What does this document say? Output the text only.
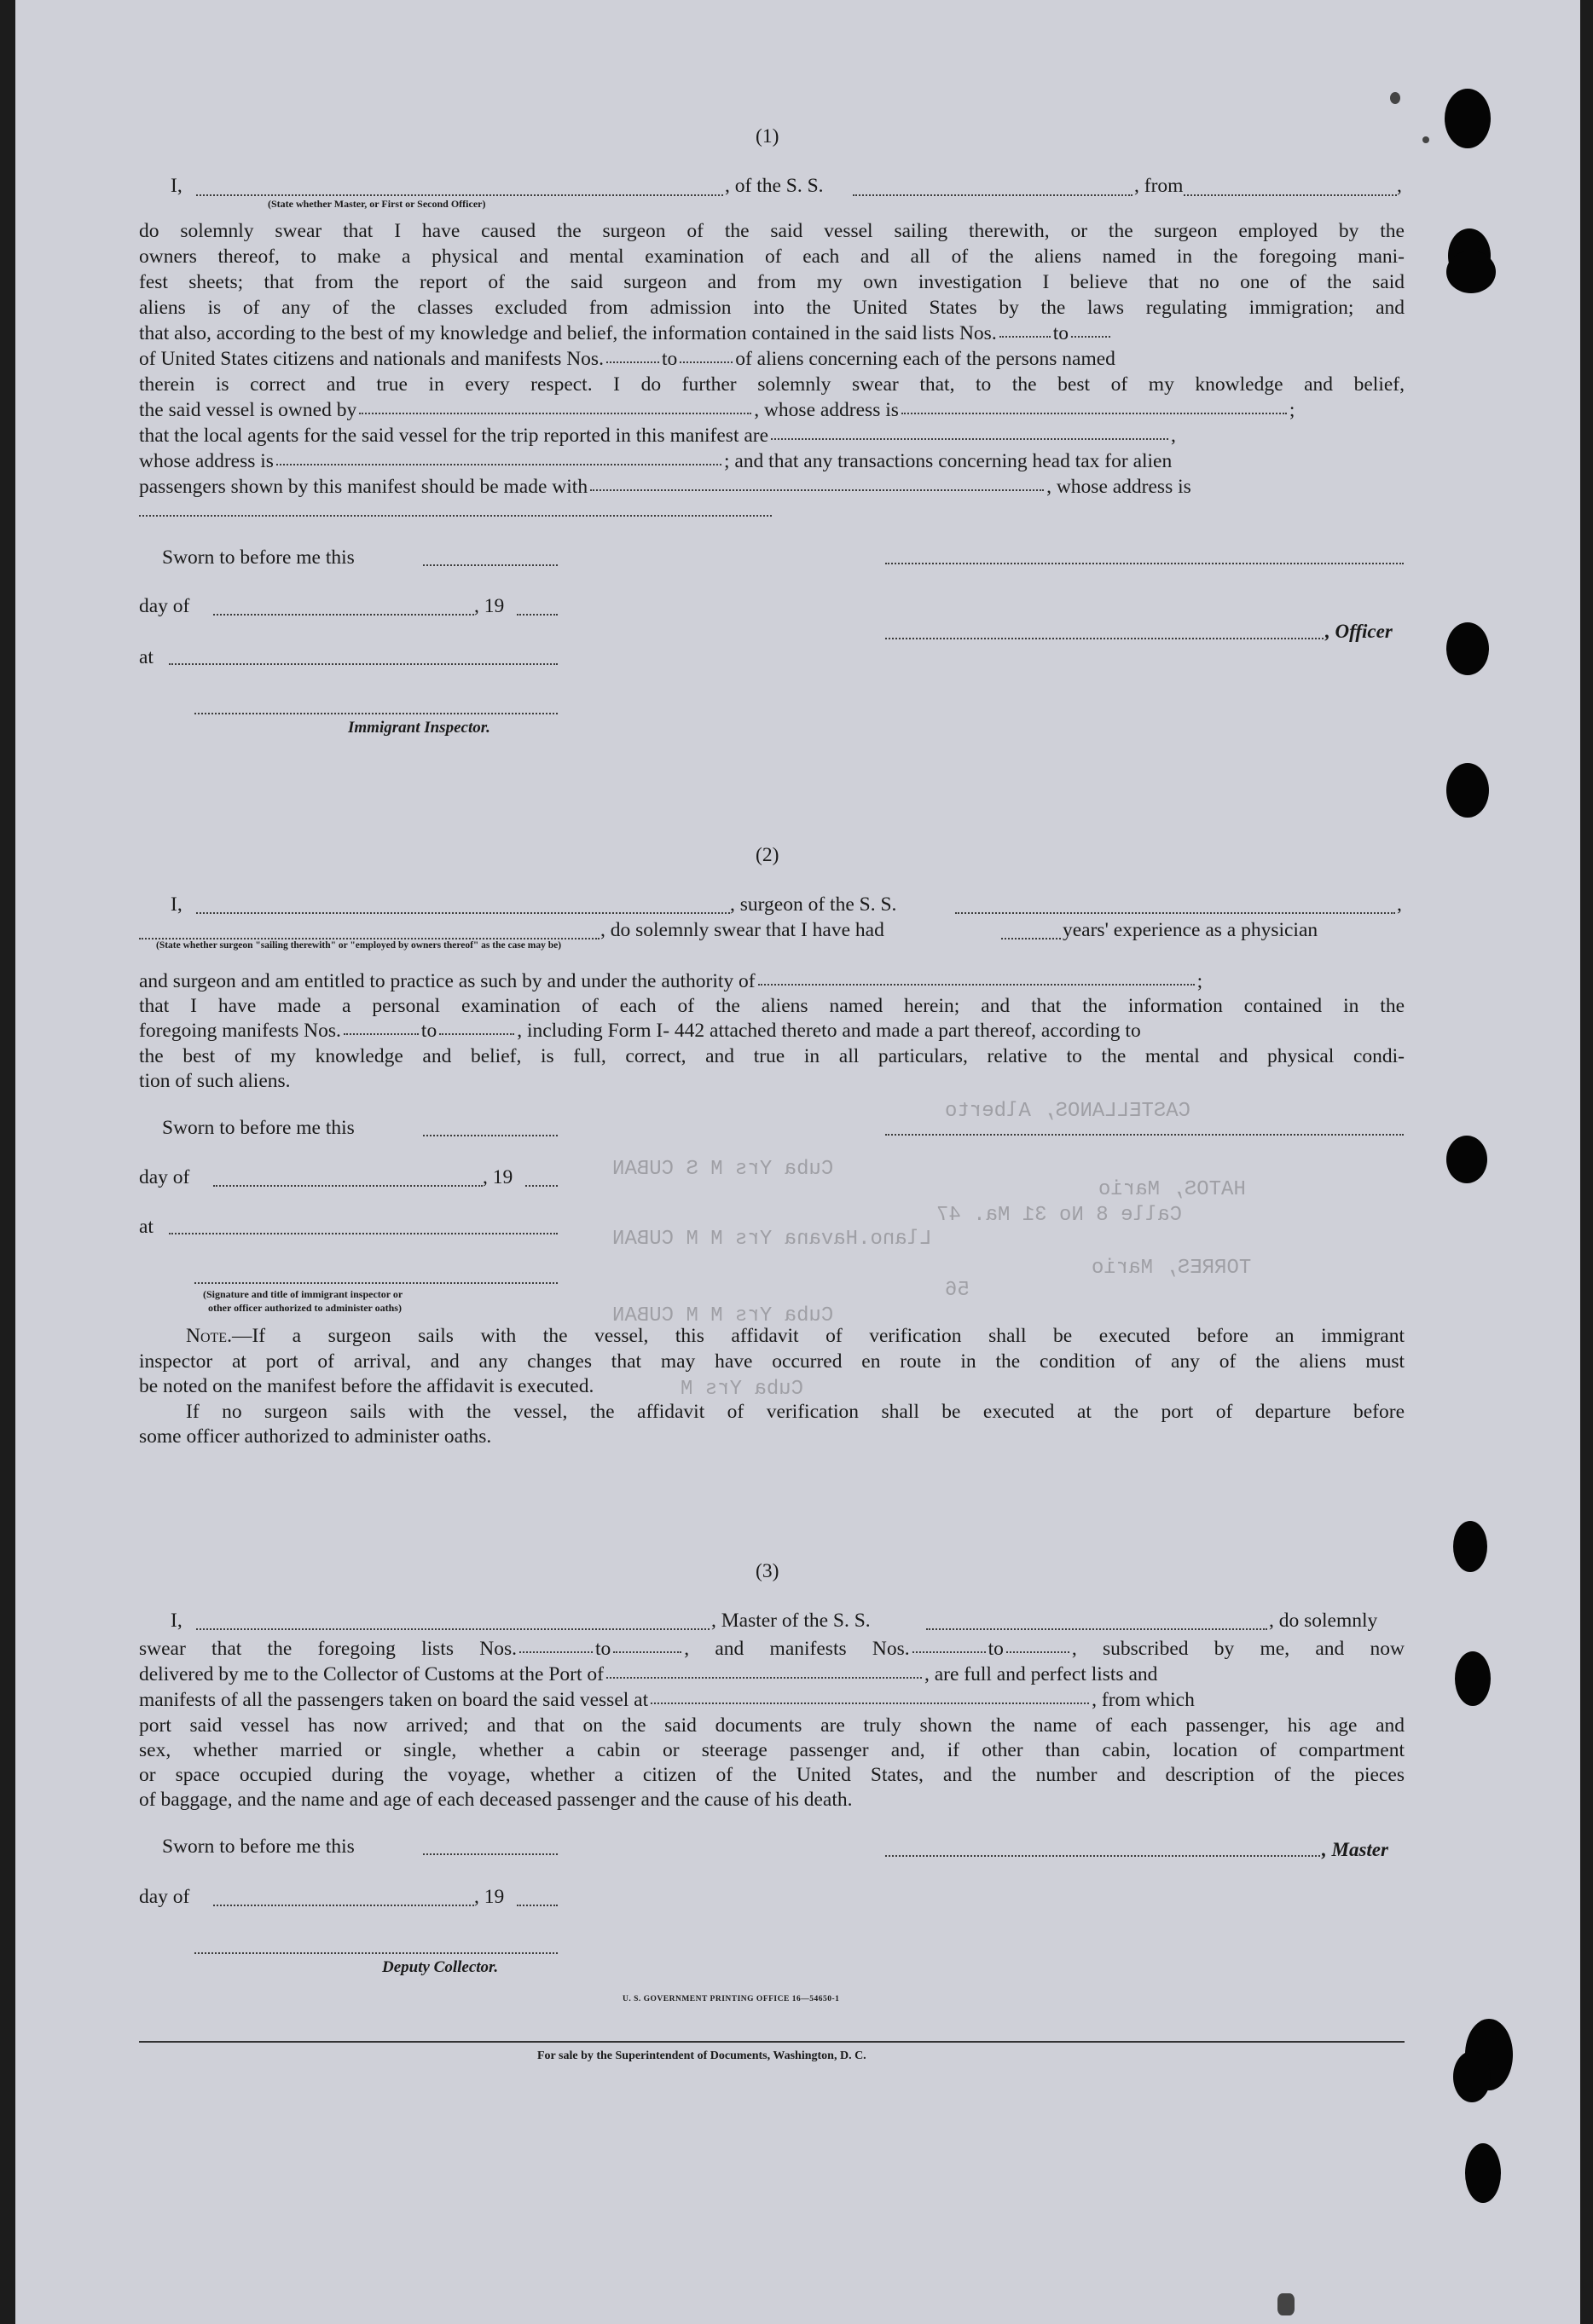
CASTELLANOS, Alberto
Cuba Yrs M S CUBAN
HATOS, Mario
Calle 8 No 31 Ma. 47
Llano.Havana Yrs M M CUBAN
TORRES, Mario
56
Cuba Yrs M M CUBAN
Cuba Yrs M
(1)
I,
(State whether Master, or First or Second Officer)
, of the S. S.	, from	,
do solemnly swear that I have caused the surgeon of the said vessel sailing therewith, or the surgeon employed by the
owners thereof, to make a physical and mental examination of each and all of the aliens named in the foregoing mani-
fest sheets; that from the report of the said surgeon and from my own investigation I believe that no one of the said
aliens is of any of the classes excluded from admission into the United States by the laws regulating immigration; and
that also, according to the best of my knowledge and belief, the information contained in the said lists Nos.	to
of United States citizens and nationals and manifests Nos.	to	of aliens concerning each of the persons named
therein is correct and true in every respect. I do further solemnly swear that, to the best of my knowledge and belief,
the said vessel is owned by	, whose address is	;
that the local agents for the said vessel for the trip reported in this manifest are	,
whose address is	; and that any transactions concerning head tax for alien
passengers shown by this manifest should be made with	, whose address is
Sworn to before me this
day of	, 19
, Officer
at
Immigrant Inspector.
(2)
I,	, surgeon of the S. S.	,
, do solemnly swear that I have had	years' experience as a physician
(State whether surgeon "sailing therewith" or "employed by owners thereof" as the case may be)
and surgeon and am entitled to practice as such by and under the authority of	;
that I have made a personal examination of each of the aliens named herein; and that the information contained in the
foregoing manifests Nos.	to	, including Form I- 442 attached thereto and made a part thereof, according to
the best of my knowledge and belief, is full, correct, and true in all particulars, relative to the mental and physical condi-
tion of such aliens.
Sworn to before me this
day of	, 19
at
(Signature and title of immigrant inspector or
other officer authorized to administer oaths)
Note.—If a surgeon sails with the vessel, this affidavit of verification shall be executed before an immigrant
inspector at port of arrival, and any changes that may have occurred en route in the condition of any of the aliens must
be noted on the manifest before the affidavit is executed.
If no surgeon sails with the vessel, the affidavit of verification shall be executed at the port of departure before
some officer authorized to administer oaths.
(3)
I,	, Master of the S. S.	, do solemnly
swear that the foregoing lists Nos.	to	, and manifests Nos.	to	, subscribed by me, and now
delivered by me to the Collector of Customs at the Port of	, are full and perfect lists and
manifests of all the passengers taken on board the said vessel at	, from which
port said vessel has now arrived; and that on the said documents are truly shown the name of each passenger, his age and
sex, whether married or single, whether a cabin or steerage passenger and, if other than cabin, location of compartment
or space occupied during the voyage, whether a citizen of the United States, and the number and description of the pieces
of baggage, and the name and age of each deceased passenger and the cause of his death.
Sworn to before me this	, Master
day of	, 19
Deputy Collector.
U. S. GOVERNMENT PRINTING OFFICE 16—54650-1
For sale by the Superintendent of Documents, Washington, D. C.
